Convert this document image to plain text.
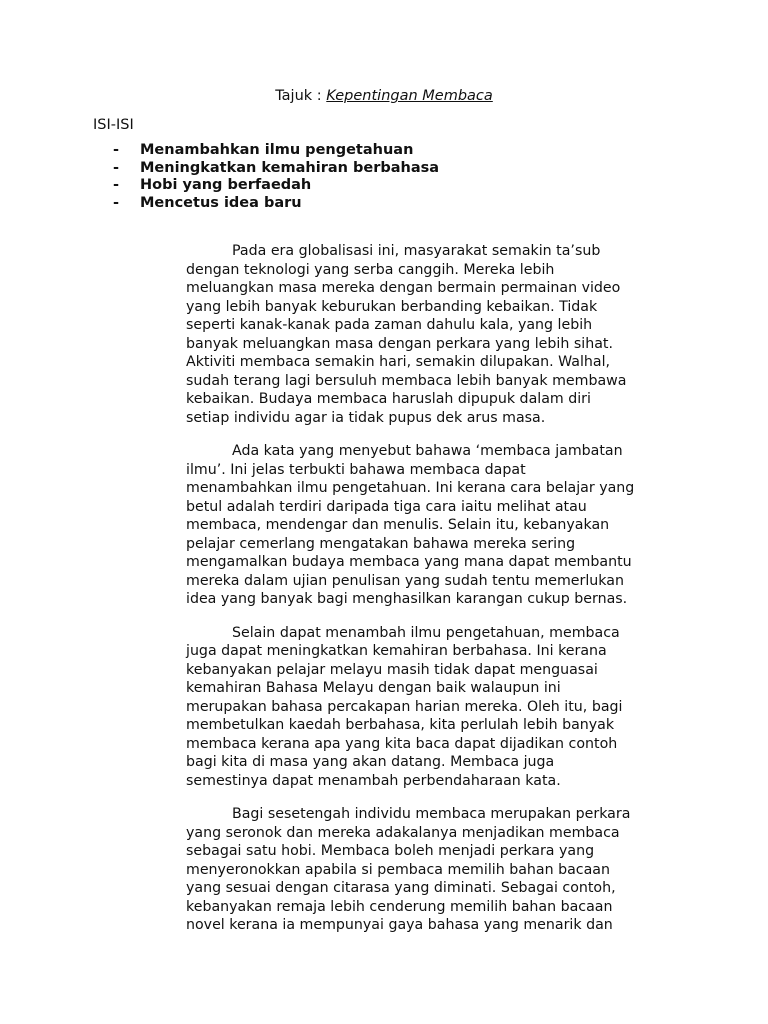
Tajuk : Kepentingan Membaca
ISI-ISI
- Menambahkan ilmu pengetahuan
- Meningkatkan kemahiran berbahasa
- Hobi yang berfaedah
- Mencetus idea baru

Pada era globalisasi ini, masyarakat semakin ta’sub
dengan teknologi yang serba canggih. Mereka lebih
meluangkan masa mereka dengan bermain permainan video
yang lebih banyak keburukan berbanding kebaikan. Tidak
seperti kanak-kanak pada zaman dahulu kala, yang lebih
banyak meluangkan masa dengan perkara yang lebih sihat.
Aktiviti membaca semakin hari, semakin dilupakan. Walhal,
sudah terang lagi bersuluh membaca lebih banyak membawa
kebaikan. Budaya membaca haruslah dipupuk dalam diri
setiap individu agar ia tidak pupus dek arus masa.

Ada kata yang menyebut bahawa ‘membaca jambatan
ilmu’. Ini jelas terbukti bahawa membaca dapat
menambahkan ilmu pengetahuan. Ini kerana cara belajar yang
betul adalah terdiri daripada tiga cara iaitu melihat atau
membaca, mendengar dan menulis. Selain itu, kebanyakan
pelajar cemerlang mengatakan bahawa mereka sering
mengamalkan budaya membaca yang mana dapat membantu
mereka dalam ujian penulisan yang sudah tentu memerlukan
idea yang banyak bagi menghasilkan karangan cukup bernas.

Selain dapat menambah ilmu pengetahuan, membaca
juga dapat meningkatkan kemahiran berbahasa. Ini kerana
kebanyakan pelajar melayu masih tidak dapat menguasai
kemahiran Bahasa Melayu dengan baik walaupun ini
merupakan bahasa percakapan harian mereka. Oleh itu, bagi
membetulkan kaedah berbahasa, kita perlulah lebih banyak
membaca kerana apa yang kita baca dapat dijadikan contoh
bagi kita di masa yang akan datang. Membaca juga
semestinya dapat menambah perbendaharaan kata.

Bagi sesetengah individu membaca merupakan perkara
yang seronok dan mereka adakalanya menjadikan membaca
sebagai satu hobi. Membaca boleh menjadi perkara yang
menyeronokkan apabila si pembaca memilih bahan bacaan
yang sesuai dengan citarasa yang diminati. Sebagai contoh,
kebanyakan remaja lebih cenderung memilih bahan bacaan
novel kerana ia mempunyai gaya bahasa yang menarik dan
